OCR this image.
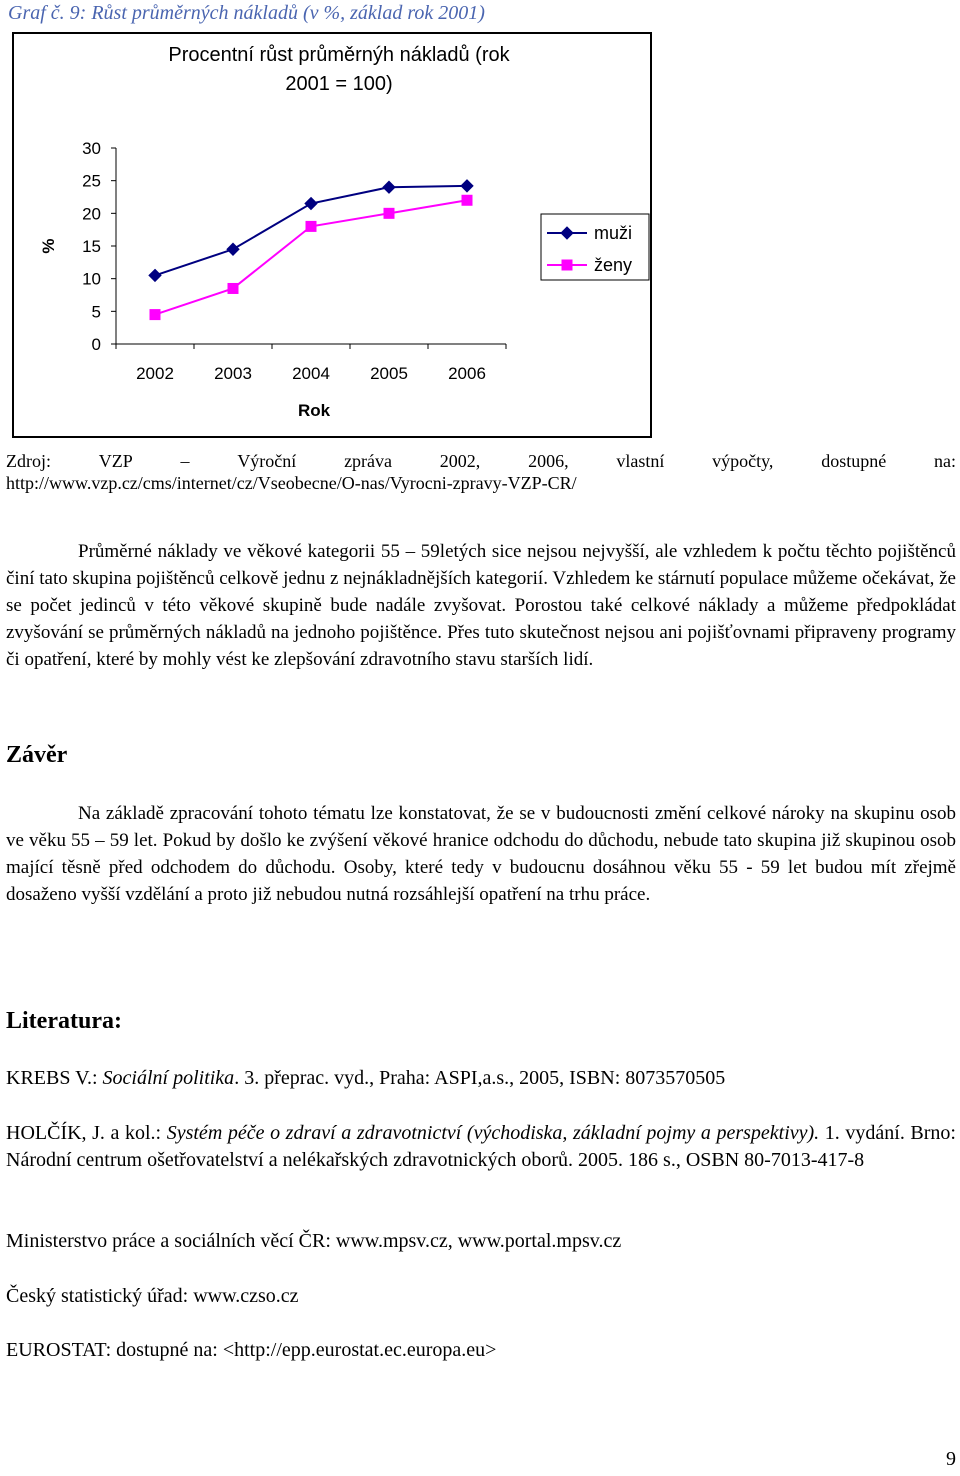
Graf č. 9: Růst průměrných nákladů (v %, základ rok 2001)
Procentní růst průměrnýh nákladů (rok
2001 = 100)
30
25
20
15
10
5
0
2002 2003 2004 2005 2006
Rok
%
muži
ženy
Zdroj:	VZP	–	Výroční	zpráva	2002,	2006,	vlastní	výpočty,	dostupné	na:
http://www.vzp.cz/cms/internet/cz/Vseobecne/O-nas/Vyrocni-zpravy-VZP-CR/
Průměrné náklady ve věkové kategorii 55 – 59letých sice nejsou nejvyšší, ale vzhledem k počtu těchto pojištěnců činí tato skupina pojištěnců celkově jednu z nejnákladnějších kategorií. Vzhledem ke stárnutí populace můžeme očekávat, že se počet jedinců v této věkové skupině bude nadále zvyšovat. Porostou také celkové náklady a můžeme předpokládat zvyšování se průměrných nákladů na jednoho pojištěnce. Přes tuto skutečnost nejsou ani pojišťovnami připraveny programy či opatření, které by mohly vést ke zlepšování zdravotního stavu starších lidí.
Závěr
Na základě zpracování tohoto tématu lze konstatovat, že se v budoucnosti změní celkové nároky na skupinu osob ve věku 55 – 59 let. Pokud by došlo ke zvýšení věkové hranice odchodu do důchodu, nebude tato skupina již skupinou osob mající těsně před odchodem do důchodu. Osoby, které tedy v budoucnu dosáhnou věku 55 - 59 let budou mít zřejmě dosaženo vyšší vzdělání a proto již nebudou nutná rozsáhlejší opatření na trhu práce.
Literatura:
KREBS V.: Sociální politika. 3. přeprac. vyd., Praha: ASPI,a.s., 2005, ISBN: 8073570505
HOLČÍK, J. a kol.: Systém péče o zdraví a zdravotnictví (východiska, základní pojmy a perspektivy). 1. vydání. Brno: Národní centrum ošetřovatelství a nelékařských zdravotnických oborů. 2005. 186 s., OSBN 80-7013-417-8
Ministerstvo práce a sociálních věcí ČR: www.mpsv.cz, www.portal.mpsv.cz
Český statistický úřad: www.czso.cz
EUROSTAT: dostupné na: <http://epp.eurostat.ec.europa.eu>
9
